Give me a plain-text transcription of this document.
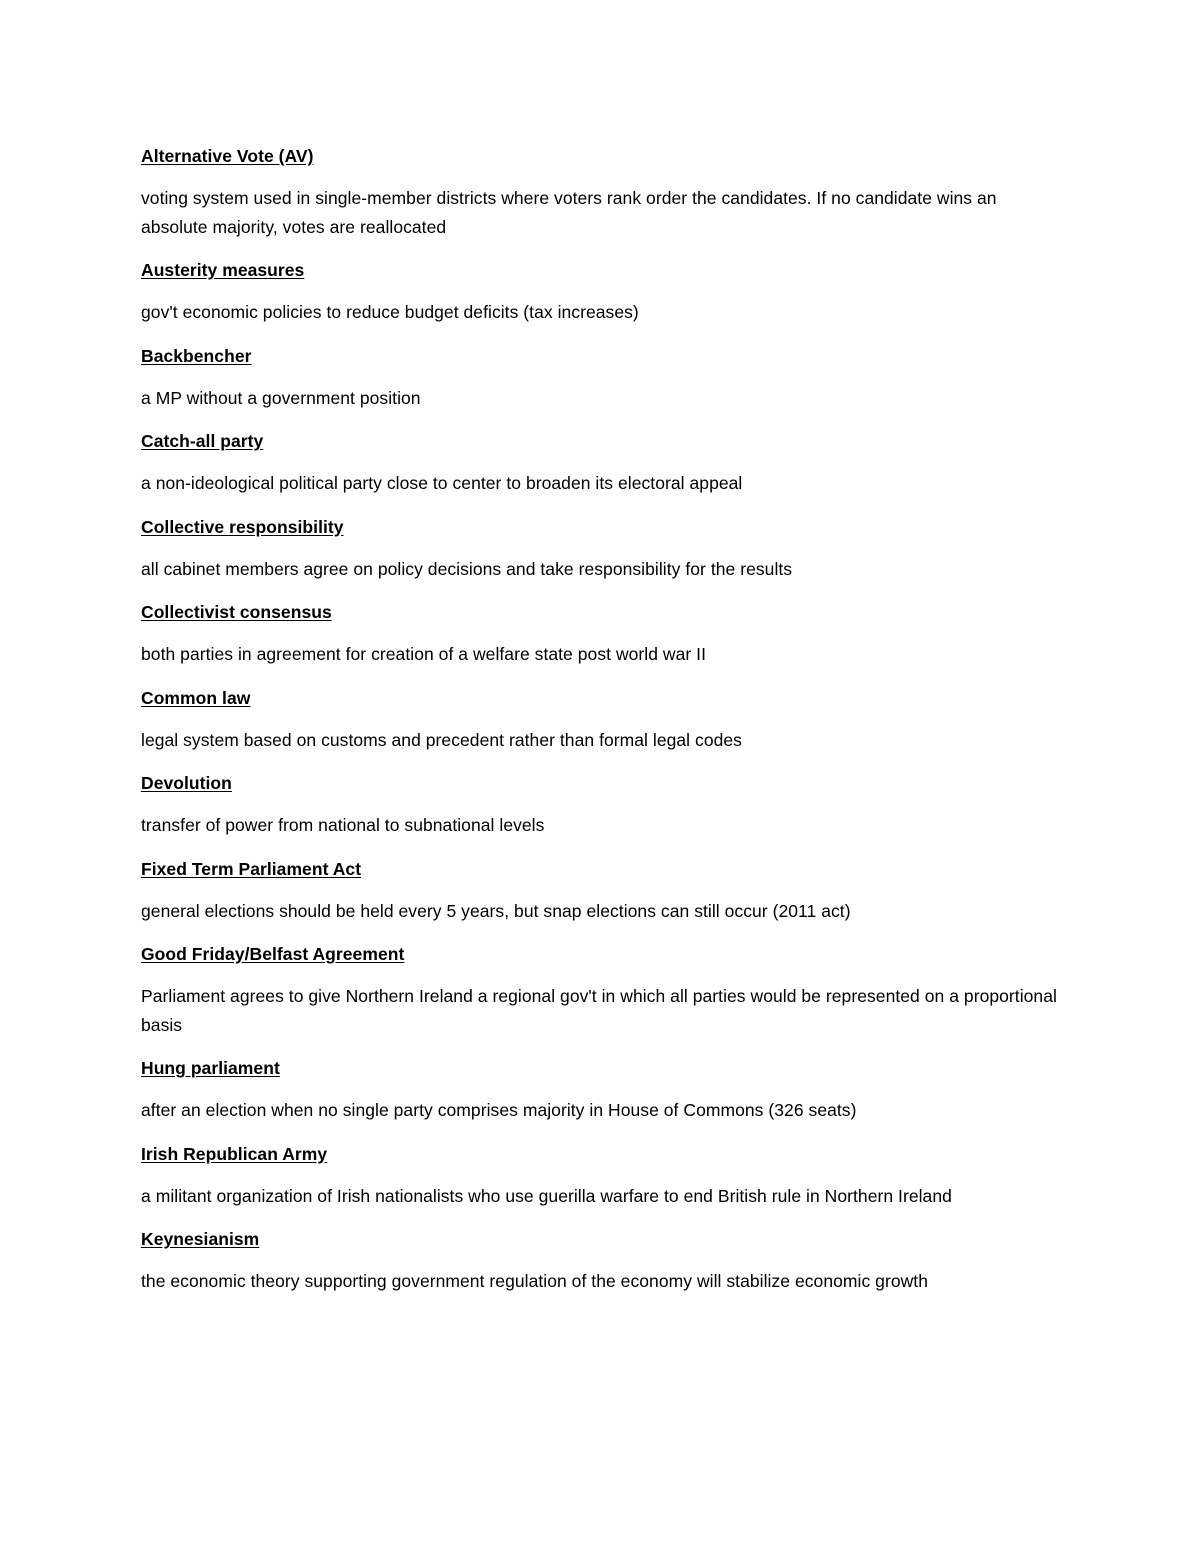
Alternative Vote (AV)

voting system used in single-member districts where voters rank order the candidates. If no candidate wins an absolute majority, votes are reallocated

Austerity measures

gov't economic policies to reduce budget deficits (tax increases)

Backbencher

a MP without a government position

Catch-all party

a non-ideological political party close to center to broaden its electoral appeal

Collective responsibility

all cabinet members agree on policy decisions and take responsibility for the results

Collectivist consensus

both parties in agreement for creation of a welfare state post world war II

Common law

legal system based on customs and precedent rather than formal legal codes

Devolution

transfer of power from national to subnational levels

Fixed Term Parliament Act

general elections should be held every 5 years, but snap elections can still occur (2011 act)

Good Friday/Belfast Agreement

Parliament agrees to give Northern Ireland a regional gov't in which all parties would be represented on a proportional basis

Hung parliament

after an election when no single party comprises majority in House of Commons (326 seats)

Irish Republican Army

a militant organization of Irish nationalists who use guerilla warfare to end British rule in Northern Ireland

Keynesianism

the economic theory supporting government regulation of the economy will stabilize economic growth
